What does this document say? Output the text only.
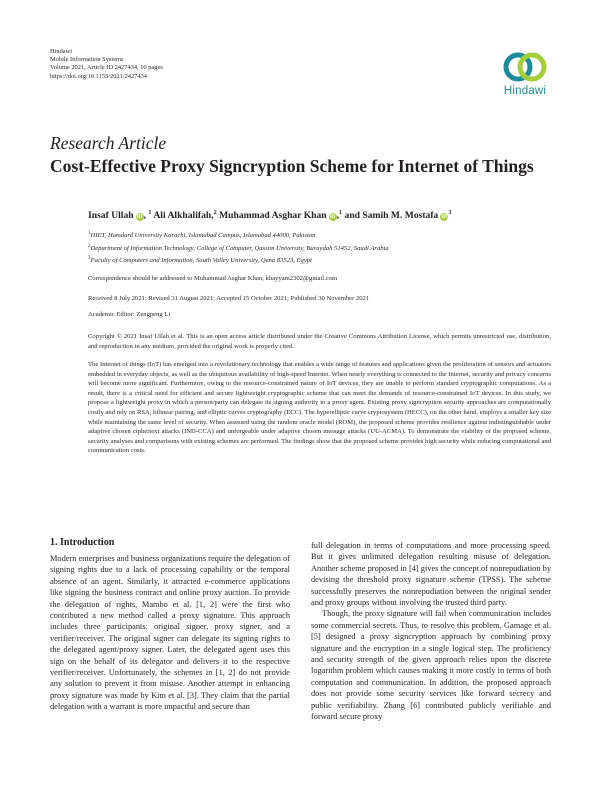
Hindawi
Mobile Information Systems
Volume 2021, Article ID 2427434, 10 pages
https://doi.org/10.1155/2021/2427434
Hindawi
Research Article
Cost-Effective Proxy Signcryption Scheme for Internet of Things
Insaf Ullah iD, $^1$ Ali Alkhalifah,$^2$ Muhammad Asghar Khan iD,$^1$ and Samih M. Mostafa $iD^3$
$^1$HIET, Hamdard University Karachi, Islamabad Campus, Islamabad 44000, Pakistan
$^2$Department of Information Technology, College of Computer, Qassim University, Buraydah 51452, Saudi Arabia
$^3$Faculty of Computers and Information, South Valley University, Qena 83523, Egypt
Correspondence should be addressed to Muhammad Asghar Khan; khayyam2302@gmail.com
Received 8 July 2021; Revised 31 August 2021; Accepted 15 October 2021; Published 30 November 2021
Academic Editor: Zengpeng Li
Copyright © 2021 Insaf Ullah et al. This is an open access article distributed under the Creative Commons Attribution License, which permits unrestricted use, distribution, and reproduction in any medium, provided the original work is properly cited.
The Internet of things (IoT) has emerged into a revolutionary technology that enables a wide range of features and applications given the proliferation of sensors and actuators embedded in everyday objects, as well as the ubiquitous availability of high-speed Internet. When nearly everything is connected to the Internet, security and privacy concerns will become more significant. Furthermore, owing to the resource-constrained nature of IoT devices, they are unable to perform standard cryptographic computations. As a result, there is a critical need for efficient and secure lightweight cryptographic scheme that can meet the demands of resource-constrained IoT devices. In this study, we propose a lightweight proxy in which a person/party can delegate its signing authority to a proxy agent. Existing proxy signcryption security approaches are computationally costly and rely on RSA, bilinear pairing, and elliptic curves cryptography (ECC). The hyperelliptic curve cryptosystem (HECC), on the other hand, employs a smaller key size while maintaining the same level of security. When assessed using the random oracle model (ROM), the proposed scheme provides resilience against indistinguishable under adaptive chosen ciphertext attacks (IND-CCA) and unforgeable under adaptive chosen message attacks (UU-ACMA). To demonstrate the viability of the proposed scheme, security analyses and comparisons with existing schemes are performed. The findings show that the proposed scheme provides high security while reducing computational and communication costs.
1. Introduction

Modern enterprises and business organizations require the delegation of signing rights due to a lack of processing capability or the temporal absence of an agent. Similarly, it attracted e-commerce applications like signing the business contract and online proxy auction. To provide the delegation of rights, Mambo et al. [1, 2] were the first who contributed a new method called a proxy signature. This approach includes three participants: original signer, proxy signer, and a verifier/receiver. The original signer can delegate its signing rights to the delegated agent/proxy signer. Later, the delegated agent uses this sign on the behalf of its delegator and delivers it to the respective verifier/receiver. Unfortunately, the schemes in [1, 2] do not provide any solution to prevent it from misuse. Another attempt in enhancing proxy signature was made by Kim et al. [3]. They claim that the partial delegation with a warrant is more impactful and secure than

full delegation in terms of computations and more processing speed. But it gives unlimited delegation resulting misuse of delegation. Another scheme proposed in [4] gives the concept of nonrepudiation by devising the threshold proxy signature scheme (TPSS). The scheme successfully preserves the nonrepudiation between the original sender and proxy groups without involving the trusted third party.

Though, the proxy signature will fail when communication includes some commercial secrets. Thus, to resolve this problem, Gamage et al. [5] designed a proxy signcryption approach by combining proxy signature and the encryption in a single logical step. The proficiency and security strength of the given approach relies upon the discrete logarithm problem which causes making it more costly in terms of both computation and communication. In addition, the proposed approach does not provide some security services like forward secrecy and public verifiability. Zhang [6] contributed publicly verifiable and forward secure proxy
